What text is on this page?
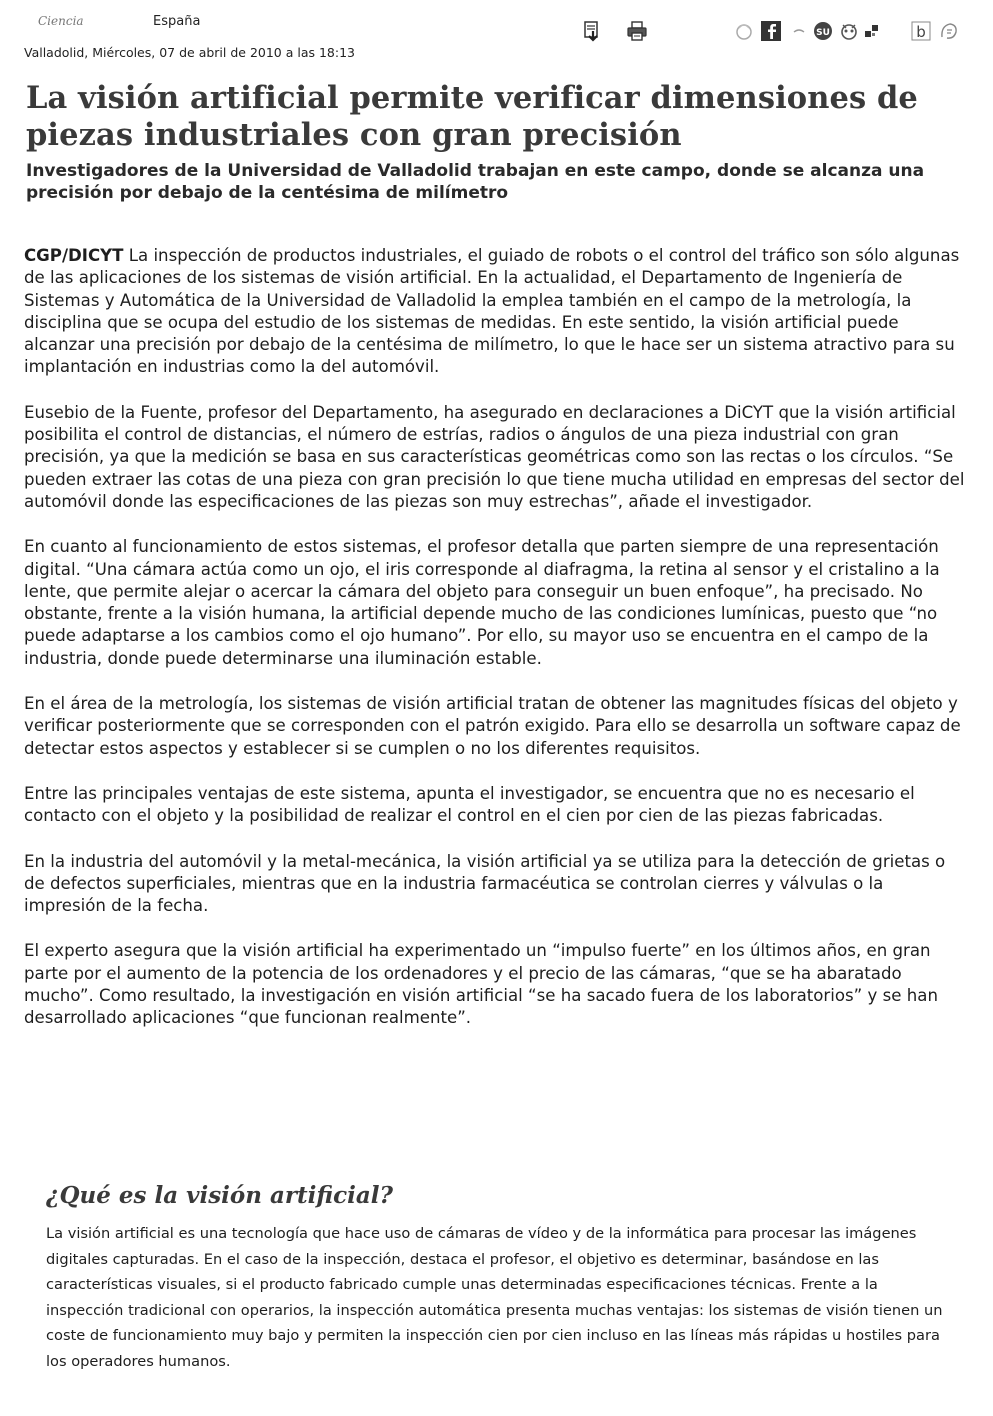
Ciencia	España
Valladolid, Miércoles, 07 de abril de 2010 a las 18:13
SU	b
La visión artificial permite verificar dimensiones de piezas industriales con gran precisión
Investigadores de la Universidad de Valladolid trabajan en este campo, donde se alcanza una precisión por debajo de la centésima de milímetro

CGP/DICYT La inspección de productos industriales, el guiado de robots o el control del tráfico son sólo algunas de las aplicaciones de los sistemas de visión artificial. En la actualidad, el Departamento de Ingeniería de Sistemas y Automática de la Universidad de Valladolid la emplea también en el campo de la metrología, la disciplina que se ocupa del estudio de los sistemas de medidas. En este sentido, la visión artificial puede alcanzar una precisión por debajo de la centésima de milímetro, lo que le hace ser un sistema atractivo para su implantación en industrias como la del automóvil.

Eusebio de la Fuente, profesor del Departamento, ha asegurado en declaraciones a DiCYT que la visión artificial posibilita el control de distancias, el número de estrías, radios o ángulos de una pieza industrial con gran precisión, ya que la medición se basa en sus características geométricas como son las rectas o los círculos. “Se pueden extraer las cotas de una pieza con gran precisión lo que tiene mucha utilidad en empresas del sector del automóvil donde las especificaciones de las piezas son muy estrechas”, añade el investigador.

En cuanto al funcionamiento de estos sistemas, el profesor detalla que parten siempre de una representación digital. “Una cámara actúa como un ojo, el iris corresponde al diafragma, la retina al sensor y el cristalino a la lente, que permite alejar o acercar la cámara del objeto para conseguir un buen enfoque”, ha precisado. No obstante, frente a la visión humana, la artificial depende mucho de las condiciones lumínicas, puesto que “no puede adaptarse a los cambios como el ojo humano”. Por ello, su mayor uso se encuentra en el campo de la industria, donde puede determinarse una iluminación estable.

En el área de la metrología, los sistemas de visión artificial tratan de obtener las magnitudes físicas del objeto y verificar posteriormente que se corresponden con el patrón exigido. Para ello se desarrolla un software capaz de detectar estos aspectos y establecer si se cumplen o no los diferentes requisitos.

Entre las principales ventajas de este sistema, apunta el investigador, se encuentra que no es necesario el contacto con el objeto y la posibilidad de realizar el control en el cien por cien de las piezas fabricadas.

En la industria del automóvil y la metal-mecánica, la visión artificial ya se utiliza para la detección de grietas o de defectos superficiales, mientras que en la industria farmacéutica se controlan cierres y válvulas o la impresión de la fecha.

El experto asegura que la visión artificial ha experimentado un “impulso fuerte” en los últimos años, en gran parte por el aumento de la potencia de los ordenadores y el precio de las cámaras, “que se ha abaratado mucho”. Como resultado, la investigación en visión artificial “se ha sacado fuera de los laboratorios” y se han desarrollado aplicaciones “que funcionan realmente”.

¿Qué es la visión artificial?

La visión artificial es una tecnología que hace uso de cámaras de vídeo y de la informática para procesar las imágenes digitales capturadas. En el caso de la inspección, destaca el profesor, el objetivo es determinar, basándose en las características visuales, si el producto fabricado cumple unas determinadas especificaciones técnicas. Frente a la inspección tradicional con operarios, la inspección automática presenta muchas ventajas: los sistemas de visión tienen un coste de funcionamiento muy bajo y permiten la inspección cien por cien incluso en las líneas más rápidas u hostiles para los operadores humanos.
